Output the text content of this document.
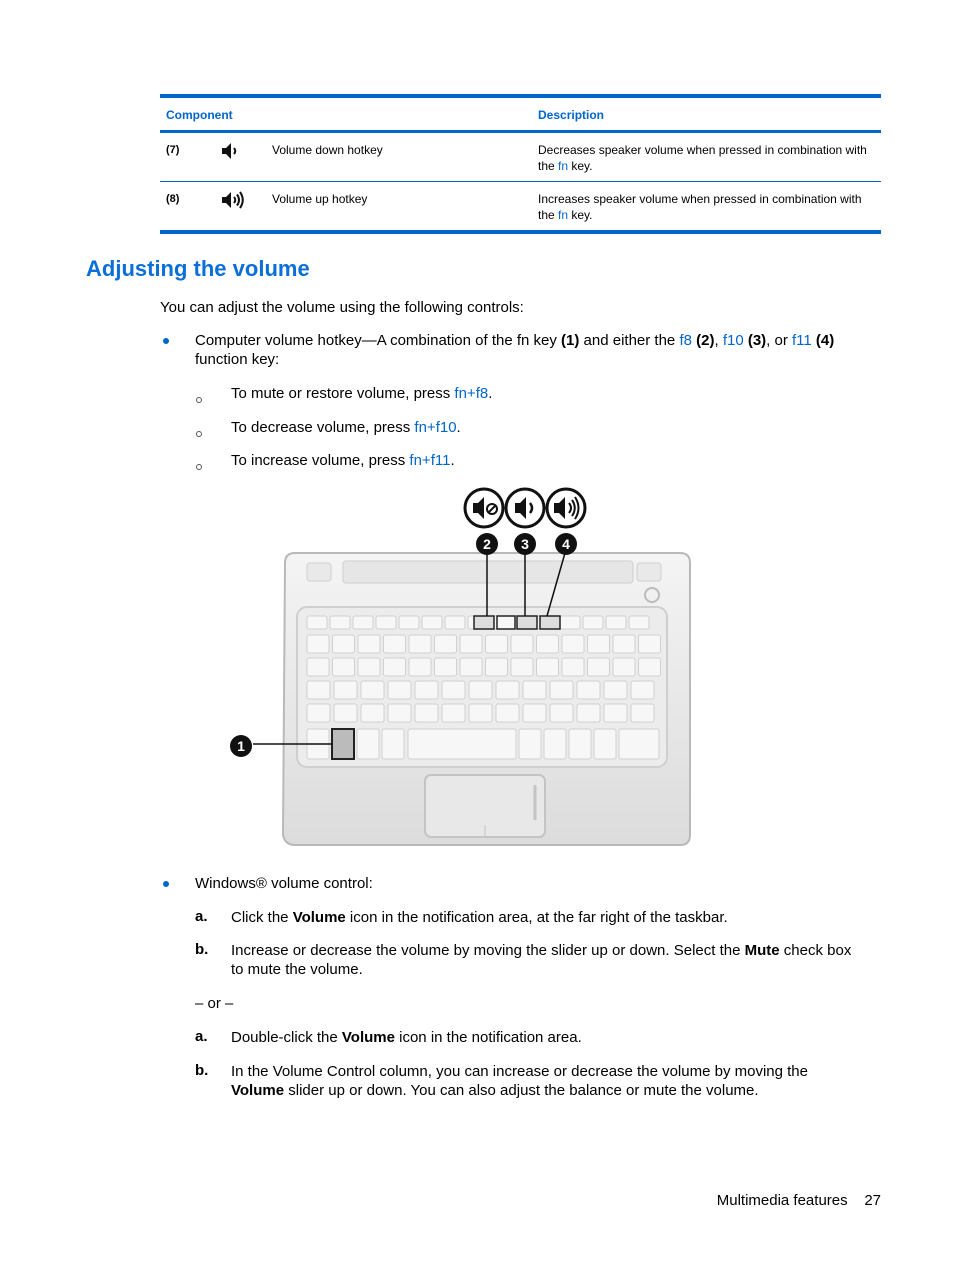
Component			Description
(7)		Volume down hotkey	Decreases speaker volume when pressed in combination with the fn key.
(8)		Volume up hotkey	Increases speaker volume when pressed in combination with the fn key.
Adjusting the volume
You can adjust the volume using the following controls:
Computer volume hotkey—A combination of the fn key (1) and either the f8 (2), f10 (3), or f11 (4)
function key:
To mute or restore volume, press fn+f8.
To decrease volume, press fn+f10.
To increase volume, press fn+f11.
2 3 4
1
Windows® volume control:
a. Click the Volume icon in the notification area, at the far right of the taskbar.
b. Increase or decrease the volume by moving the slider up or down. Select the Mute check box
to mute the volume.
– or –
a. Double-click the Volume icon in the notification area.
b. In the Volume Control column, you can increase or decrease the volume by moving the
Volume slider up or down. You can also adjust the balance or mute the volume.
Multimedia features 27
